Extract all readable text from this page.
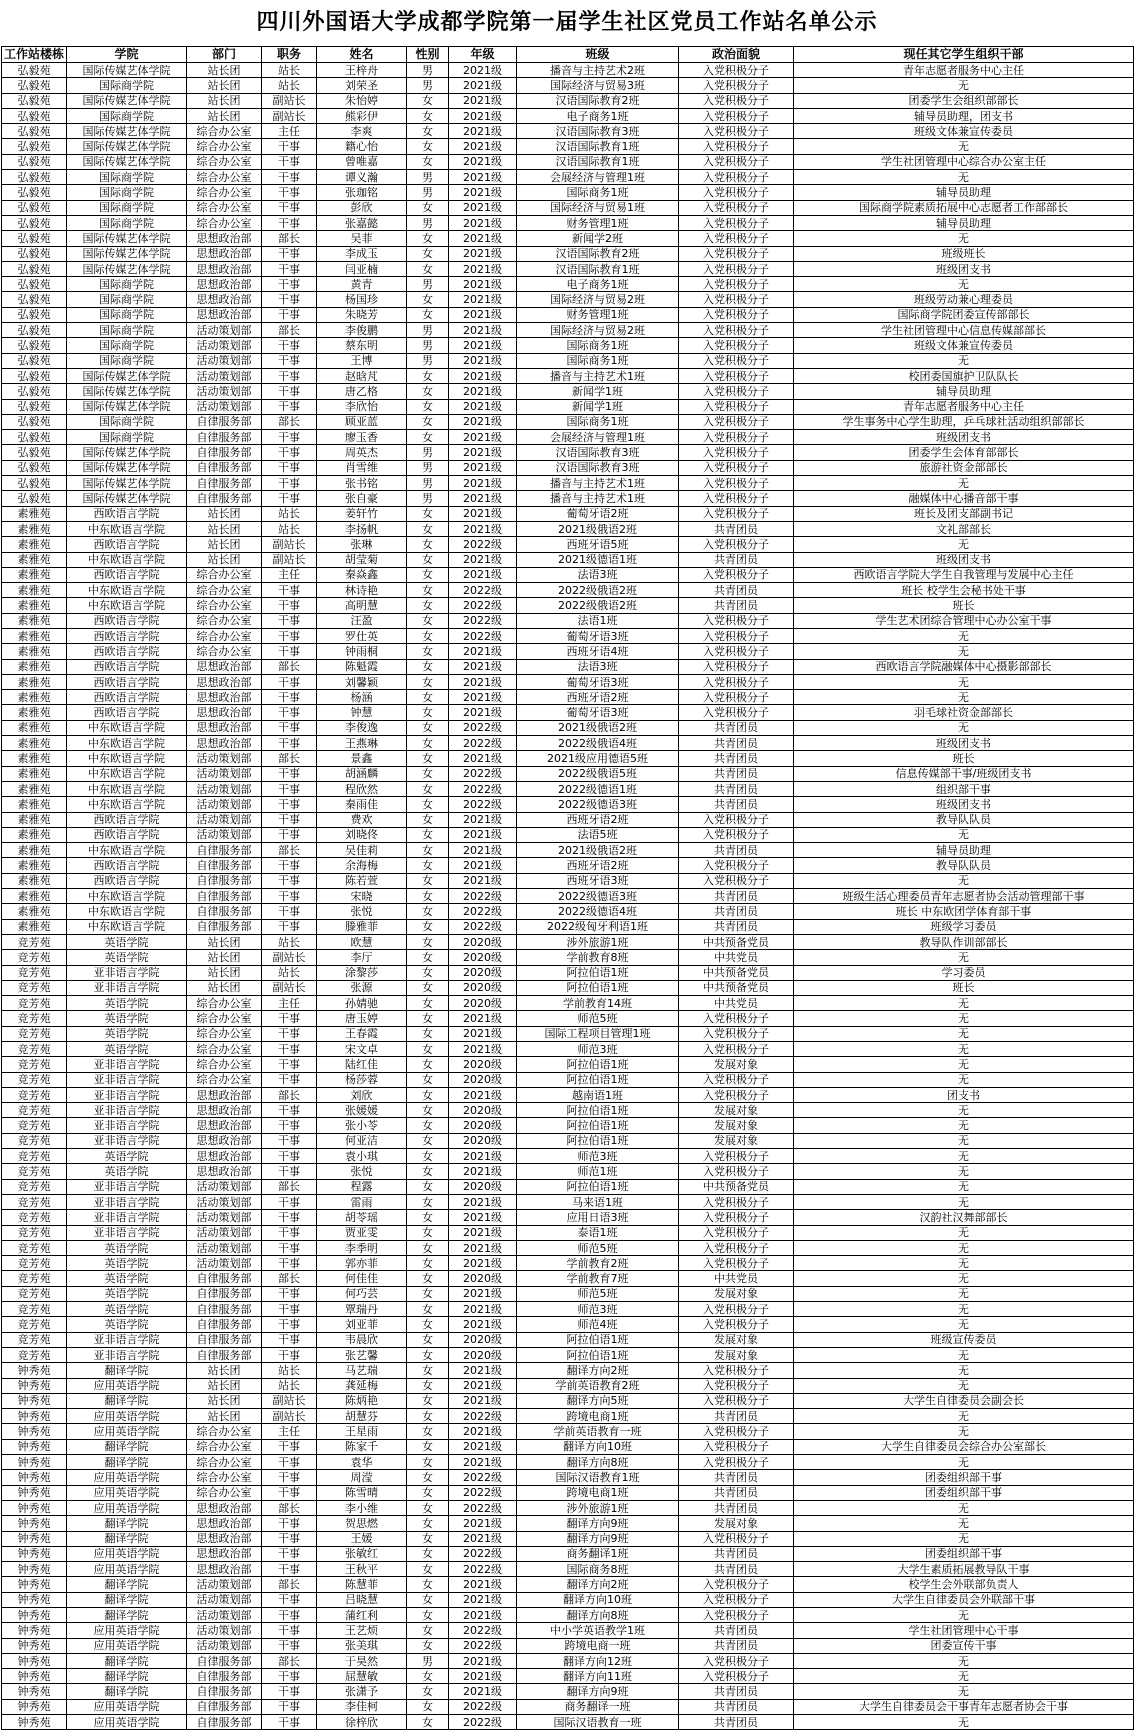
四川外国语大学成都学院第一届学生社区党员工作站名单公示
工作站楼栋	学院	部门	职务	姓名	性别	年级	班级	政治面貌	现任其它学生组织干部
弘毅苑	国际传媒艺体学院	站长团	站长	王梓舟	男	2021级	播音与主持艺术2班	入党积极分子	青年志愿者服务中心主任
弘毅苑	国际商学院	站长团	站长	刘荣圣	男	2021级	国际经济与贸易3班	入党积极分子	无
弘毅苑	国际传媒艺体学院	站长团	副站长	朱怡婷	女	2021级	汉语国际教育2班	入党积极分子	团委学生会组织部部长
弘毅苑	国际商学院	站长团	副站长	熊彩伊	女	2021级	电子商务1班	入党积极分子	辅导员助理，团支书
弘毅苑	国际传媒艺体学院	综合办公室	主任	李爽	女	2021级	汉语国际教育3班	入党积极分子	班级文体兼宣传委员
弘毅苑	国际传媒艺体学院	综合办公室	干事	籍心怡	女	2021级	汉语国际教育1班	入党积极分子	无
弘毅苑	国际传媒艺体学院	综合办公室	干事	曾唯嘉	女	2021级	汉语国际教育1班	入党积极分子	学生社团管理中心综合办公室主任
弘毅苑	国际商学院	综合办公室	干事	谭义瀚	男	2021级	会展经济与管理1班	入党积极分子	无
弘毅苑	国际商学院	综合办公室	干事	张珈铭	男	2021级	国际商务1班	入党积极分子	辅导员助理
弘毅苑	国际商学院	综合办公室	干事	彭欣	女	2021级	国际经济与贸易1班	入党积极分子	国际商学院素质拓展中心志愿者工作部部长
弘毅苑	国际商学院	综合办公室	干事	张嘉懿	男	2021级	财务管理1班	入党积极分子	辅导员助理
弘毅苑	国际传媒艺体学院	思想政治部	部长	吴菲	女	2021级	新闻学2班	入党积极分子	无
弘毅苑	国际传媒艺体学院	思想政治部	干事	李成玉	女	2021级	汉语国际教育2班	入党积极分子	班级班长
弘毅苑	国际传媒艺体学院	思想政治部	干事	闫亚楠	女	2021级	汉语国际教育1班	入党积极分子	班级团支书
弘毅苑	国际商学院	思想政治部	干事	黄青	男	2021级	电子商务1班	入党积极分子	无
弘毅苑	国际商学院	思想政治部	干事	杨国珍	女	2021级	国际经济与贸易2班	入党积极分子	班级劳动兼心理委员
弘毅苑	国际商学院	思想政治部	干事	朱晓芳	女	2021级	财务管理1班	入党积极分子	国际商学院团委宣传部部长
弘毅苑	国际商学院	活动策划部	部长	李俊鹏	男	2021级	国际经济与贸易2班	入党积极分子	学生社团管理中心信息传媒部部长
弘毅苑	国际商学院	活动策划部	干事	蔡东明	男	2021级	国际商务1班	入党积极分子	班级文体兼宣传委员
弘毅苑	国际商学院	活动策划部	干事	王博	男	2021级	国际商务1班	入党积极分子	无
弘毅苑	国际传媒艺体学院	活动策划部	干事	赵晗芃	女	2021级	播音与主持艺术1班	入党积极分子	校团委国旗护卫队队长
弘毅苑	国际传媒艺体学院	活动策划部	干事	唐乙格	女	2021级	新闻学1班	入党积极分子	辅导员助理
弘毅苑	国际传媒艺体学院	活动策划部	干事	李欣怡	女	2021级	新闻学1班	入党积极分子	青年志愿者服务中心主任
弘毅苑	国际商学院	自律服务部	部长	顾亚蓝	女	2021级	国际商务1班	入党积极分子	学生事务中心学生助理，乒乓球社活动组织部部长
弘毅苑	国际商学院	自律服务部	干事	廖玉香	女	2021级	会展经济与管理1班	入党积极分子	班级团支书
弘毅苑	国际传媒艺体学院	自律服务部	干事	周英杰	男	2021级	汉语国际教育3班	入党积极分子	团委学生会体育部部长
弘毅苑	国际传媒艺体学院	自律服务部	干事	肖雪维	男	2021级	汉语国际教育3班	入党积极分子	旅游社资金部部长
弘毅苑	国际传媒艺体学院	自律服务部	干事	张书铭	男	2021级	播音与主持艺术1班	入党积极分子	无
弘毅苑	国际传媒艺体学院	自律服务部	干事	张自豪	男	2021级	播音与主持艺术1班	入党积极分子	融媒体中心播音部干事
素雅苑	西欧语言学院	站长团	站长	姜轩竹	女	2021级	葡萄牙语2班	入党积极分子	班长及团支部副书记
素雅苑	中东欧语言学院	站长团	站长	李扬帆	女	2021级	2021级俄语2班	共青团员	文礼部部长
素雅苑	西欧语言学院	站长团	副站长	张琳	女	2022级	西班牙语5班	入党积极分子	无
素雅苑	中东欧语言学院	站长团	副站长	胡莹菊	女	2021级	2021级德语1班	共青团员	班级团支书
素雅苑	西欧语言学院	综合办公室	主任	秦焱鑫	女	2021级	法语3班	入党积极分子	西欧语言学院大学生自我管理与发展中心主任
素雅苑	中东欧语言学院	综合办公室	干事	林诗艳	女	2022级	2022级俄语2班	共青团员	班长 校学生会秘书处干事
素雅苑	中东欧语言学院	综合办公室	干事	高明慧	女	2022级	2022级俄语2班	共青团员	班长
素雅苑	西欧语言学院	综合办公室	干事	汪盈	女	2022级	法语1班	入党积极分子	学生艺术团综合管理中心办公室干事
素雅苑	西欧语言学院	综合办公室	干事	罗仕英	女	2022级	葡萄牙语3班	入党积极分子	无
素雅苑	西欧语言学院	综合办公室	干事	钟雨桐	女	2021级	西班牙语4班	入党积极分子	无
素雅苑	西欧语言学院	思想政治部	部长	陈魁霞	女	2021级	法语3班	入党积极分子	西欧语言学院融媒体中心摄影部部长
素雅苑	西欧语言学院	思想政治部	干事	刘馨颖	女	2021级	葡萄牙语3班	入党积极分子	无
素雅苑	西欧语言学院	思想政治部	干事	杨涵	女	2021级	西班牙语2班	入党积极分子	无
素雅苑	西欧语言学院	思想政治部	干事	钟慧	女	2021级	葡萄牙语3班	入党积极分子	羽毛球社资金部部长
素雅苑	中东欧语言学院	思想政治部	干事	李俊逸	女	2022级	2021级俄语2班	共青团员	无
素雅苑	中东欧语言学院	思想政治部	干事	王燕琳	女	2022级	2022级俄语4班	共青团员	班级团支书
素雅苑	中东欧语言学院	活动策划部	部长	景鑫	女	2021级	2021级应用德语5班	共青团员	班长
素雅苑	中东欧语言学院	活动策划部	干事	胡涵麟	女	2022级	2022级俄语5班	共青团员	信息传媒部干事/班级团支书
素雅苑	中东欧语言学院	活动策划部	干事	程欣然	女	2022级	2022级德语1班	共青团员	组织部干事
素雅苑	中东欧语言学院	活动策划部	干事	秦雨佳	女	2022级	2022级德语3班	共青团员	班级团支书
素雅苑	西欧语言学院	活动策划部	干事	费欢	女	2021级	西班牙语2班	入党积极分子	教导队队员
素雅苑	西欧语言学院	活动策划部	干事	刘晓佟	女	2021级	法语5班	入党积极分子	无
素雅苑	中东欧语言学院	自律服务部	部长	吴佳莉	女	2021级	2021级俄语2班	共青团员	辅导员助理
素雅苑	西欧语言学院	自律服务部	干事	余海梅	女	2021级	西班牙语2班	入党积极分子	教导队队员
素雅苑	西欧语言学院	自律服务部	干事	陈若萱	女	2021级	西班牙语3班	入党积极分子	无
素雅苑	中东欧语言学院	自律服务部	干事	宋晓	女	2022级	2022级德语3班	共青团员	班级生活心理委员青年志愿者协会活动管理部干事
素雅苑	中东欧语言学院	自律服务部	干事	张悦	女	2022级	2022级德语4班	共青团员	班长 中东欧团学体育部干事
素雅苑	中东欧语言学院	自律服务部	干事	滕雅菲	女	2022级	2022级匈牙利语1班	共青团员	班级学习委员
竞芳苑	英语学院	站长团	站长	欧慧	女	2020级	涉外旅游1班	中共预备党员	教导队作训部部长
竞芳苑	英语学院	站长团	副站长	李厅	女	2020级	学前教育8班	中共党员	无
竞芳苑	亚非语言学院	站长团	站长	涂黎莎	女	2020级	阿拉伯语1班	中共预备党员	学习委员
竞芳苑	亚非语言学院	站长团	副站长	张源	女	2020级	阿拉伯语1班	中共预备党员	班长
竞芳苑	英语学院	综合办公室	主任	孙婧驰	女	2020级	学前教育14班	中共党员	无
竞芳苑	英语学院	综合办公室	干事	唐玉婷	女	2021级	师范5班	入党积极分子	无
竞芳苑	英语学院	综合办公室	干事	王春霞	女	2021级	国际工程项目管理1班	入党积极分子	无
竞芳苑	英语学院	综合办公室	干事	宋文卓	女	2021级	师范3班	入党积极分子	无
竞芳苑	亚非语言学院	综合办公室	干事	陆红佳	女	2020级	阿拉伯语1班	发展对象	无
竞芳苑	亚非语言学院	综合办公室	干事	杨莎蓉	女	2020级	阿拉伯语1班	入党积极分子	无
竞芳苑	亚非语言学院	思想政治部	部长	刘欣	女	2021级	越南语1班	入党积极分子	团支书
竞芳苑	亚非语言学院	思想政治部	干事	张媛媛	女	2020级	阿拉伯语1班	发展对象	无
竞芳苑	亚非语言学院	思想政治部	干事	张小苓	女	2020级	阿拉伯语1班	发展对象	无
竞芳苑	亚非语言学院	思想政治部	干事	何亚洁	女	2020级	阿拉伯语1班	发展对象	无
竞芳苑	英语学院	思想政治部	干事	袁小琪	女	2021级	师范3班	入党积极分子	无
竞芳苑	英语学院	思想政治部	干事	张悦	女	2021级	师范1班	入党积极分子	无
竞芳苑	亚非语言学院	活动策划部	部长	程露	女	2020级	阿拉伯语1班	中共预备党员	无
竞芳苑	亚非语言学院	活动策划部	干事	雷雨	女	2021级	马来语1班	入党积极分子	无
竞芳苑	亚非语言学院	活动策划部	干事	胡苓瑶	女	2021级	应用日语3班	入党积极分子	汉韵社汉舞部部长
竞芳苑	亚非语言学院	活动策划部	干事	贾亚雯	女	2021级	泰语1班	入党积极分子	无
竞芳苑	英语学院	活动策划部	干事	李季明	女	2021级	师范5班	入党积极分子	无
竞芳苑	英语学院	活动策划部	干事	郭亦菲	女	2021级	学前教育2班	入党积极分子	无
竞芳苑	英语学院	自律服务部	部长	何佳佳	女	2020级	学前教育7班	中共党员	无
竞芳苑	英语学院	自律服务部	干事	何巧芸	女	2021级	师范5班	发展对象	无
竞芳苑	英语学院	自律服务部	干事	覃瑞丹	女	2021级	师范3班	入党积极分子	无
竞芳苑	英语学院	自律服务部	干事	刘亚菲	女	2021级	师范4班	入党积极分子	无
竞芳苑	亚非语言学院	自律服务部	干事	韦晨欣	女	2020级	阿拉伯语1班	发展对象	班级宣传委员
竞芳苑	亚非语言学院	自律服务部	干事	张艺馨	女	2020级	阿拉伯语1班	发展对象	无
钟秀苑	翻译学院	站长团	站长	马艺瑞	女	2021级	翻译方向2班	入党积极分子	无
钟秀苑	应用英语学院	站长团	站长	龚延梅	女	2021级	学前英语教育2班	入党积极分子	无
钟秀苑	翻译学院	站长团	副站长	陈炳艳	女	2021级	翻译方向5班	入党积极分子	大学生自律委员会副会长
钟秀苑	应用英语学院	站长团	副站长	胡慧芬	女	2022级	跨境电商1班	共青团员	无
钟秀苑	应用英语学院	综合办公室	主任	王星雨	女	2021级	学前英语教育一班	入党积极分子	无
钟秀苑	翻译学院	综合办公室	干事	陈家千	女	2021级	翻译方向10班	入党积极分子	大学生自律委员会综合办公室部长
钟秀苑	翻译学院	综合办公室	干事	袁华	女	2021级	翻译方向8班	入党积极分子	无
钟秀苑	应用英语学院	综合办公室	干事	周滢	女	2022级	国际汉语教育1班	共青团员	团委组织部干事
钟秀苑	应用英语学院	综合办公室	干事	陈雪晴	女	2022级	跨境电商1班	共青团员	团委组织部干事
钟秀苑	应用英语学院	思想政治部	部长	李小维	女	2022级	涉外旅游1班	共青团员	无
钟秀苑	翻译学院	思想政治部	干事	贺思燃	女	2021级	翻译方向9班	发展对象	无
钟秀苑	翻译学院	思想政治部	干事	王媛	女	2021级	翻译方向9班	入党积极分子	无
钟秀苑	应用英语学院	思想政治部	干事	张敏红	女	2022级	商务翻译1班	共青团员	团委组织部干事
钟秀苑	应用英语学院	思想政治部	干事	王秋平	女	2022级	国际商务8班	共青团员	大学生素质拓展教导队干事
钟秀苑	翻译学院	活动策划部	部长	陈慧菲	女	2021级	翻译方向2班	入党积极分子	校学生会外联部负责人
钟秀苑	翻译学院	活动策划部	干事	吕晓慧	女	2021级	翻译方向10班	入党积极分子	大学生自律委员会外联部干事
钟秀苑	翻译学院	活动策划部	干事	蒲红利	女	2021级	翻译方向8班	入党积极分子	无
钟秀苑	应用英语学院	活动策划部	干事	王艺烦	女	2022级	中小学英语教学1班	共青团员	学生社团管理中心干事
钟秀苑	应用英语学院	活动策划部	干事	张美琪	女	2022级	跨境电商一班	共青团员	团委宣传干事
钟秀苑	翻译学院	自律服务部	部长	于昊然	男	2021级	翻译方向12班	入党积极分子	无
钟秀苑	翻译学院	自律服务部	干事	屈慧敏	女	2021级	翻译方向11班	入党积极分子	无
钟秀苑	翻译学院	自律服务部	干事	张潇予	女	2021级	翻译方向9班	共青团员	无
钟秀苑	应用英语学院	自律服务部	干事	李佳柯	女	2022级	商务翻译一班	共青团员	大学生自律委员会干事青年志愿者协会干事
钟秀苑	应用英语学院	自律服务部	干事	徐梓欣	女	2022级	国际汉语教育一班	共青团员	无
